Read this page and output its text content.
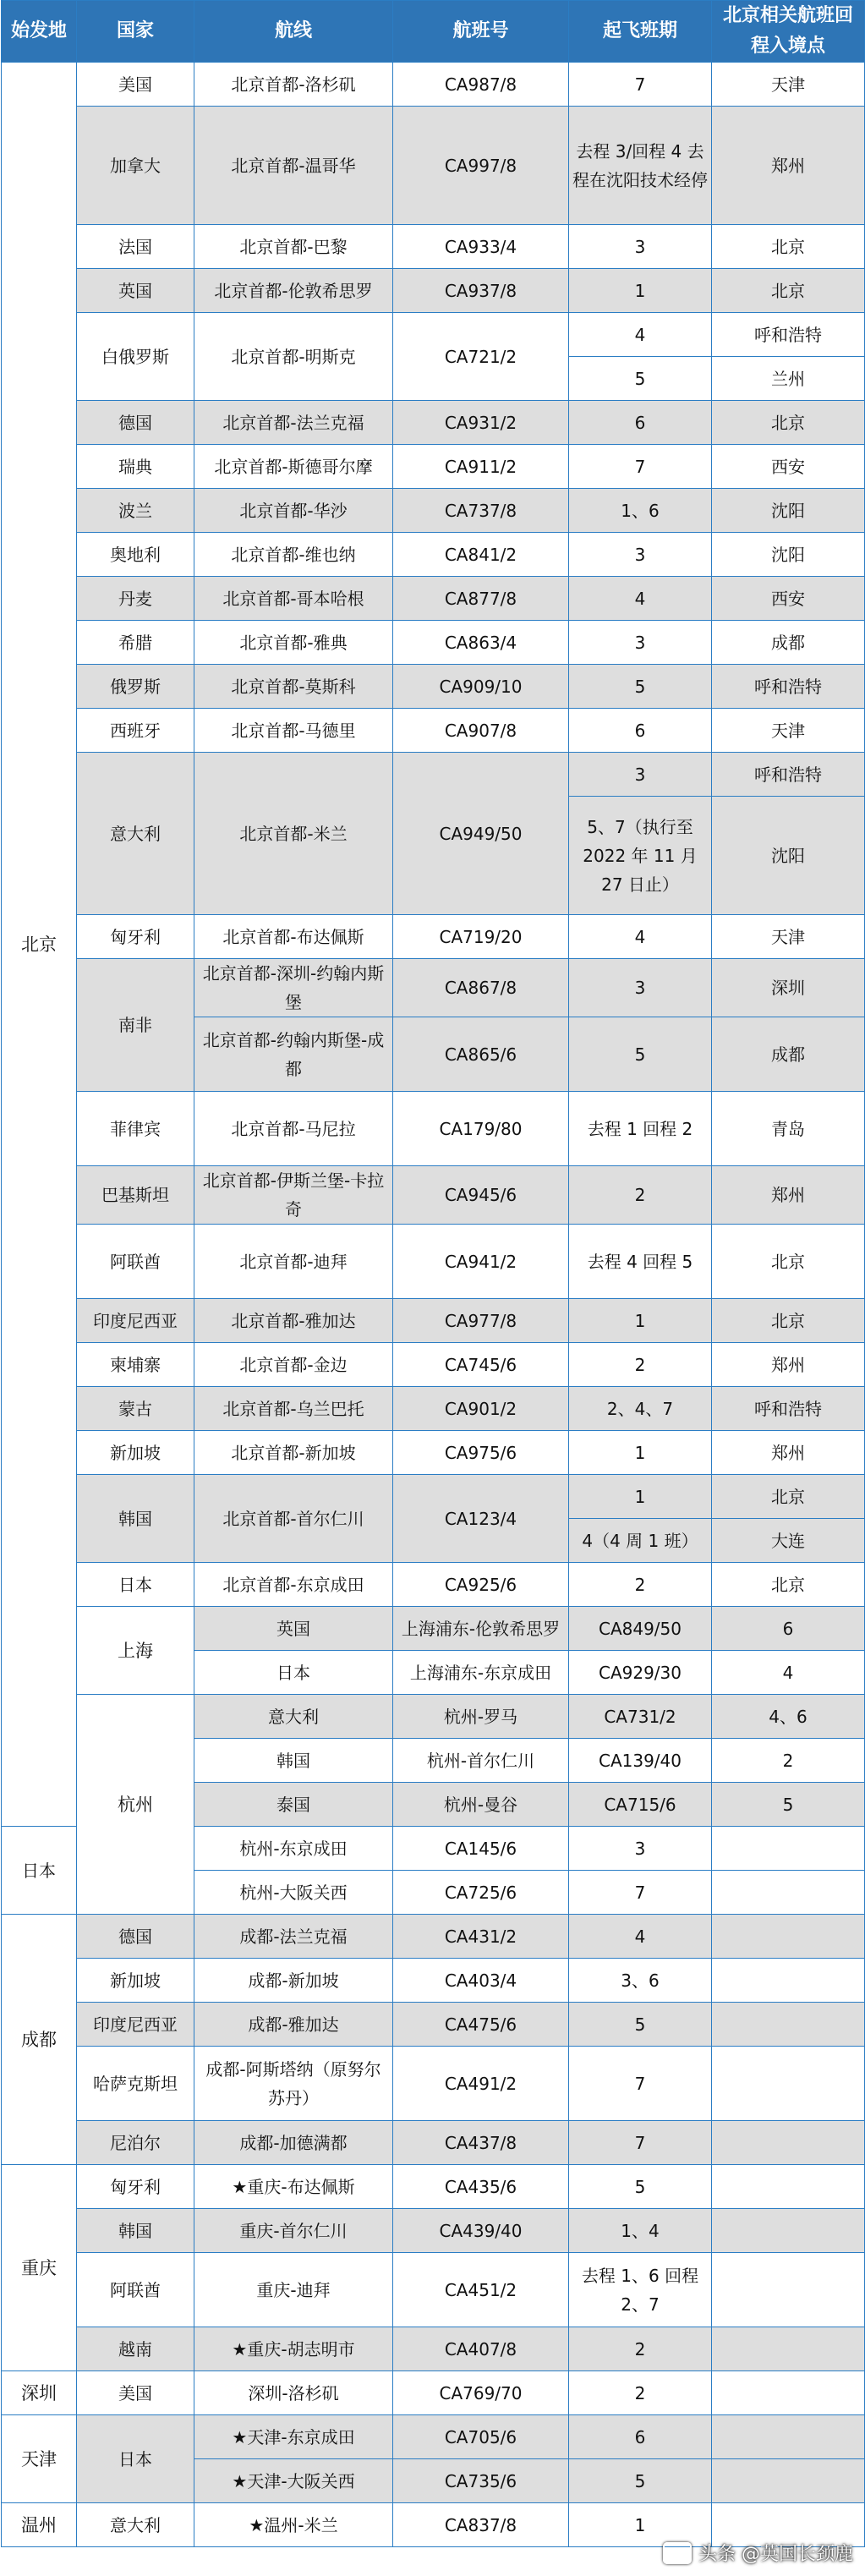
始发地	国家	航线	航班号	起飞班期	北京相关航班回程入境点	
北京	美国	北京首都-洛杉矶	CA987/8	7	天津	
	加拿大	北京首都-温哥华	CA997/8	去程 3/回程 4 去程在沈阳技术经停	郑州	
	法国	北京首都-巴黎	CA933/4	3	北京	
	英国	北京首都-伦敦希思罗	CA937/8	1	北京	
	白俄罗斯	北京首都-明斯克	CA721/2	4	呼和浩特	
				5	兰州	
	德国	北京首都-法兰克福	CA931/2	6	北京	
	瑞典	北京首都-斯德哥尔摩	CA911/2	7	西安	
	波兰	北京首都-华沙	CA737/8	1、6	沈阳	
	奥地利	北京首都-维也纳	CA841/2	3	沈阳	
	丹麦	北京首都-哥本哈根	CA877/8	4	西安	
	希腊	北京首都-雅典	CA863/4	3	成都	
	俄罗斯	北京首都-莫斯科	CA909/10	5	呼和浩特	
	西班牙	北京首都-马德里	CA907/8	6	天津	
	意大利	北京首都-米兰	CA949/50	3	呼和浩特	
				5、7（执行至 2022 年 11 月 27 日止）	沈阳	
	匈牙利	北京首都-布达佩斯	CA719/20	4	天津	
	南非	北京首都-深圳-约翰内斯堡	CA867/8	3	深圳	
		北京首都-约翰内斯堡-成都	CA865/6	5	成都	
	菲律宾	北京首都-马尼拉	CA179/80	去程 1 回程 2	青岛	
	巴基斯坦	北京首都-伊斯兰堡-卡拉奇	CA945/6	2	郑州	
	阿联酋	北京首都-迪拜	CA941/2	去程 4 回程 5	北京	
	印度尼西亚	北京首都-雅加达	CA977/8	1	北京	
	柬埔寨	北京首都-金边	CA745/6	2	郑州	
	蒙古	北京首都-乌兰巴托	CA901/2	2、4、7	呼和浩特	
	新加坡	北京首都-新加坡	CA975/6	1	郑州	
	韩国	北京首都-首尔仁川	CA123/4	1	北京	
				4（4 周 1 班）	大连	
	日本	北京首都-东京成田	CA925/6	2	北京	
	上海	英国	上海浦东-伦敦希思罗	CA849/50	6	
		日本	上海浦东-东京成田	CA929/30	4	
	杭州	意大利	杭州-罗马	CA731/2	4、6	
		韩国	杭州-首尔仁川	CA139/40	2	
		泰国	杭州-曼谷	CA715/6	5	
日本		杭州-东京成田	CA145/6	3		
		杭州-大阪关西	CA725/6	7		
成都	德国	成都-法兰克福	CA431/2	4		
	新加坡	成都-新加坡	CA403/4	3、6		
	印度尼西亚	成都-雅加达	CA475/6	5		
	哈萨克斯坦	成都-阿斯塔纳（原努尔苏丹）	CA491/2	7		
	尼泊尔	成都-加德满都	CA437/8	7		
重庆	匈牙利	★重庆-布达佩斯	CA435/6	5		
	韩国	重庆-首尔仁川	CA439/40	1、4		
	阿联酋	重庆-迪拜	CA451/2	去程 1、6 回程 2、7		
	越南	★重庆-胡志明市	CA407/8	2		
深圳	美国	深圳-洛杉矶	CA769/70	2		
天津	日本	★天津-东京成田	CA705/6	6		
		★天津-大阪关西	CA735/6	5		
温州	意大利	★温州-米兰	CA837/8	1		
头条 @英国长颈鹿
